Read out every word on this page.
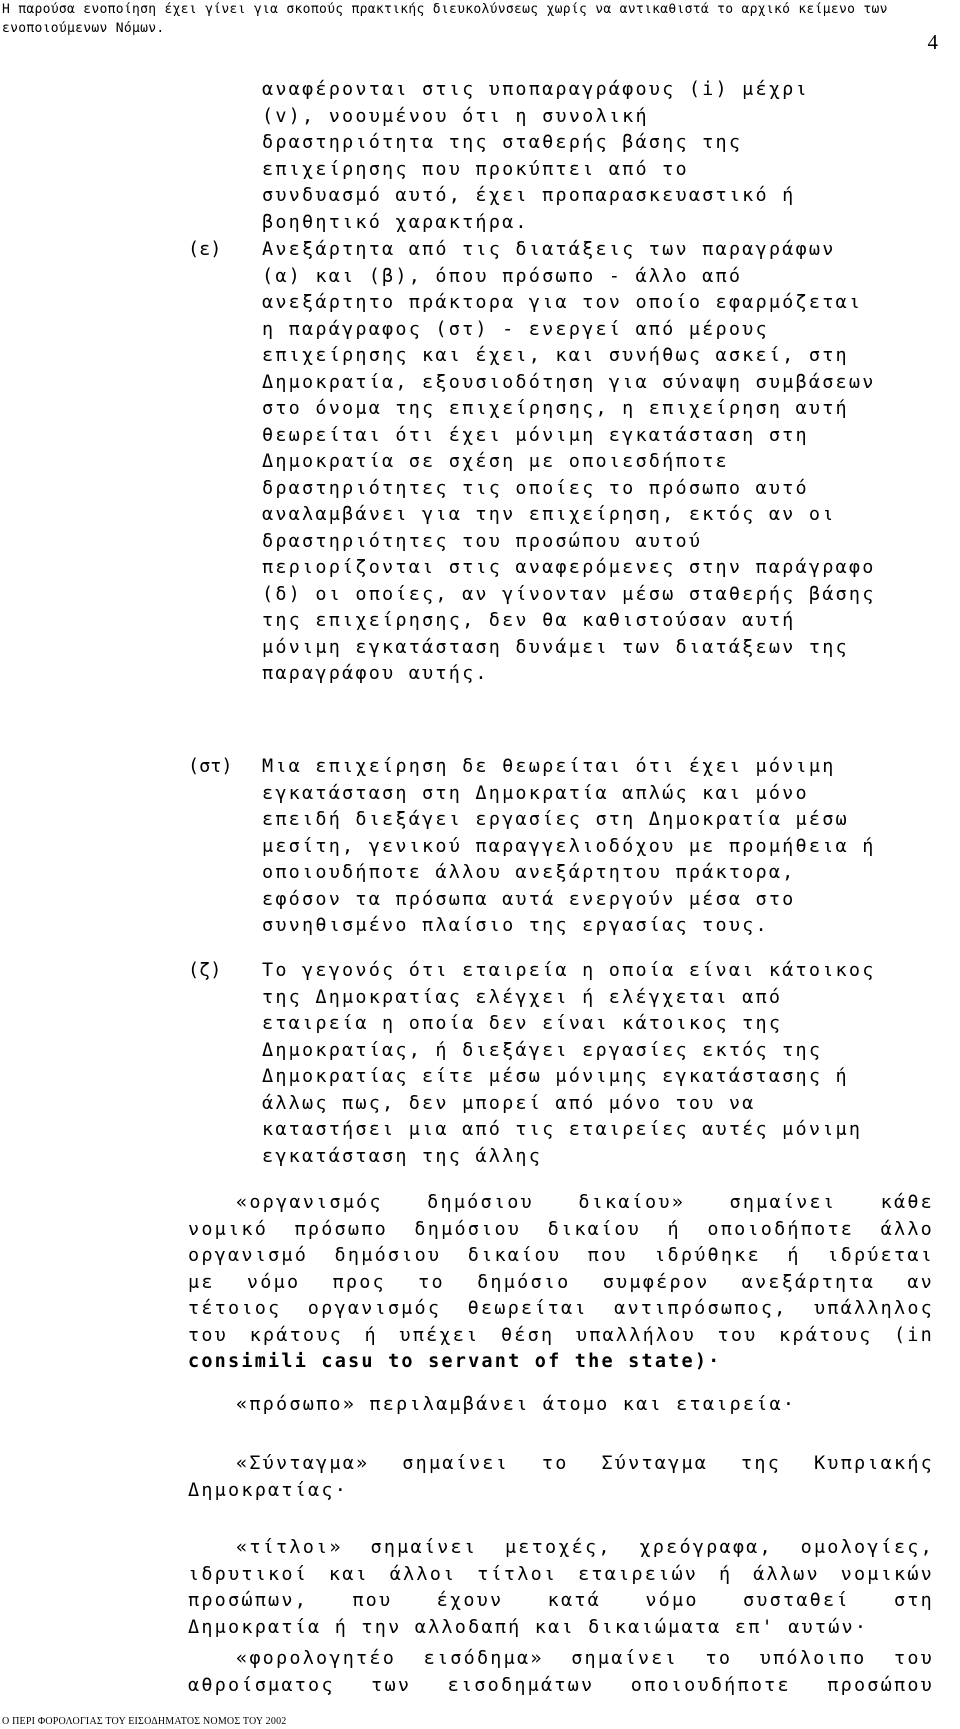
Η παρούσα ενοποίηση έχει γίνει για σκοπούς πρακτικής διευκολύνσεως χωρίς να αντικαθιστά το αρχικό κείμενο των
ενοποιούμενων Νόμων.
4
αναφέρονται στις υποπαραγράφους (i) μέχρι
(v), νοουμένου ότι η συνολική
δραστηριότητα της σταθερής βάσης της
επιχείρησης που προκύπτει από το
συνδυασμό αυτό, έχει προπαρασκευαστικό ή
βοηθητικό χαρακτήρα.
(ε)	Ανεξάρτητα από τις διατάξεις των παραγράφων
(α) και (β), όπου πρόσωπο - άλλο από
ανεξάρτητο πράκτορα για τον οποίο εφαρμόζεται
η παράγραφος (στ) - ενεργεί από μέρους
επιχείρησης και έχει, και συνήθως ασκεί, στη
Δημοκρατία, εξουσιοδότηση για σύναψη συμβάσεων
στο όνομα της επιχείρησης, η επιχείρηση αυτή
θεωρείται ότι έχει μόνιμη εγκατάσταση στη
Δημοκρατία σε σχέση με οποιεσδήποτε
δραστηριότητες τις οποίες το πρόσωπο αυτό
αναλαμβάνει για την επιχείρηση, εκτός αν οι
δραστηριότητες του προσώπου αυτού
περιορίζονται στις αναφερόμενες στην παράγραφο
(δ) οι οποίες, αν γίνονταν μέσω σταθερής βάσης
της επιχείρησης, δεν θα καθιστούσαν αυτή
μόνιμη εγκατάσταση δυνάμει των διατάξεων της
παραγράφου αυτής.
(στ)	Μια επιχείρηση δε θεωρείται ότι έχει μόνιμη
εγκατάσταση στη Δημοκρατία απλώς και μόνο
επειδή διεξάγει εργασίες στη Δημοκρατία μέσω
μεσίτη, γενικού παραγγελιοδόχου με προμήθεια ή
οποιουδήποτε άλλου ανεξάρτητου πράκτορα,
εφόσον τα πρόσωπα αυτά ενεργούν μέσα στο
συνηθισμένο πλαίσιο της εργασίας τους.
(ζ)	Το γεγονός ότι εταιρεία η οποία είναι κάτοικος
της Δημοκρατίας ελέγχει ή ελέγχεται από
εταιρεία η οποία δεν είναι κάτοικος της
Δημοκρατίας, ή διεξάγει εργασίες εκτός της
Δημοκρατίας είτε μέσω μόνιμης εγκατάστασης ή
άλλως πως, δεν μπορεί από μόνο του να
καταστήσει μια από τις εταιρείες αυτές μόνιμη
εγκατάσταση της άλλης
«οργανισμός δημόσιου δικαίου» σημαίνει κάθε
νομικό πρόσωπο δημόσιου δικαίου ή οποιοδήποτε άλλο
οργανισμό δημόσιου δικαίου που ιδρύθηκε ή ιδρύεται
με νόμο προς το δημόσιο συμφέρον ανεξάρτητα αν
τέτοιος οργανισμός θεωρείται αντιπρόσωπος, υπάλληλος
του κράτους ή υπέχει θέση υπαλλήλου του κράτους (in
consimili casu to servant of the state)·
«πρόσωπο» περιλαμβάνει άτομο και εταιρεία·
«Σύνταγμα» σημαίνει το Σύνταγμα της Κυπριακής
Δημοκρατίας·
«τίτλοι» σημαίνει μετοχές, χρεόγραφα, ομολογίες,
ιδρυτικοί και άλλοι τίτλοι εταιρειών ή άλλων νομικών
προσώπων, που έχουν κατά νόμο συσταθεί στη
Δημοκρατία ή την αλλοδαπή και δικαιώματα επ' αυτών·
«φορολογητέο εισόδημα» σημαίνει το υπόλοιπο του
αθροίσματος των εισοδημάτων οποιουδήποτε προσώπου
Ο ΠΕΡΙ ΦΟΡΟΛΟΓΙΑΣ ΤΟΥ ΕΙΣΟΔΗΜΑΤΟΣ ΝΟΜΟΣ ΤΟΥ 2002
